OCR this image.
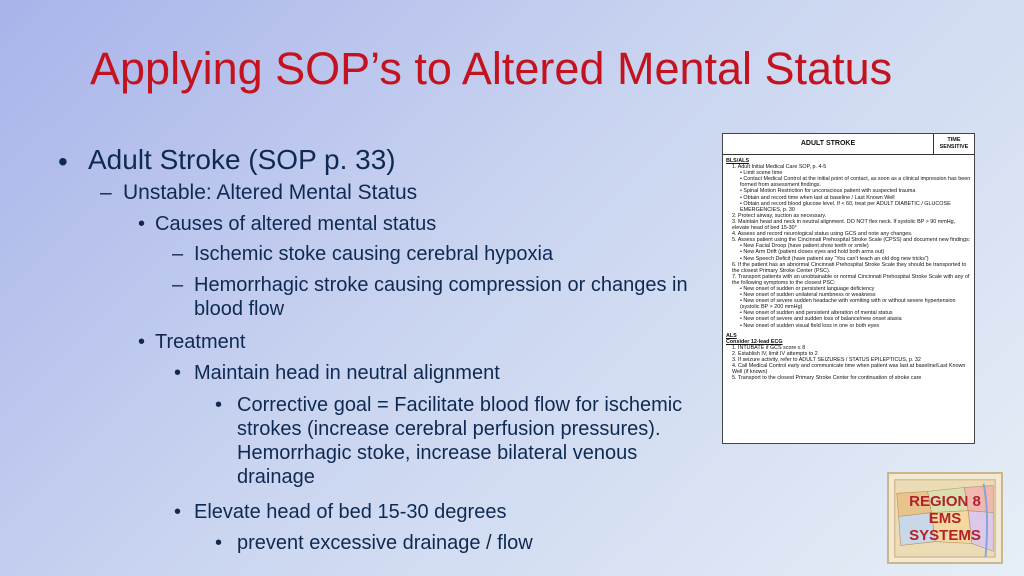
Applying SOP’s to Altered Mental Status
• Adult Stroke (SOP p. 33)
– Unstable: Altered Mental Status
• Causes of altered mental status
– Ischemic stoke causing cerebral hypoxia
– Hemorrhagic stroke causing compression or changes in blood flow
• Treatment
• Maintain head in neutral alignment
• Corrective goal = Facilitate blood flow for ischemic strokes (increase cerebral perfusion pressures). Hemorrhagic stoke, increase bilateral venous drainage
• Elevate head of bed 15-30 degrees
• prevent excessive drainage / flow
ADULT STROKE	TIME SENSITIVE
BLS/ALS
1. Adult Initial Medical Care SOP, p. 4-5
• Limit scene time
• Contact Medical Control at the initial point of contact, as soon as a clinical impression has been formed from assessment findings.
• Spinal Motion Restriction for unconscious patient with suspected trauma
• Obtain and record time when last at baseline / Last Known Well
• Obtain and record blood glucose level. If < 60, treat per ADULT DIABETIC / GLUCOSE EMERGENCIES, p. 30
2. Protect airway, suction as necessary.
3. Maintain head and neck in neutral alignment. DO NOT flex neck. If systolic BP > 90 mmHg, elevate head of bed 15-30°
4. Assess and record neurological status using GCS and note any changes.
5. Assess patient using the Cincinnati Prehospital Stroke Scale (CPSS) and document new findings:
• New Facial Droop (have patient show teeth or smile)
• New Arm Drift (patient closes eyes and hold both arms out)
• New Speech Deficit (have patient say “You can't teach an old dog new tricks”)
6. If the patient has an abnormal Cincinnati Prehospital Stroke Scale they should be transported to the closest Primary Stroke Center (PSC).
7. Transport patients with an unobtainable or normal Cincinnati Prehospital Stroke Scale with any of the following symptoms to the closest PSC:
• New onset of sudden or persistent language deficiency
• New onset of sudden unilateral numbness or weakness
• New onset of severe sudden headache with vomiting with or without severe hypertension (systolic BP > 200 mmHg)
• New onset of sudden and persistent alteration of mental status
• New onset of severe and sudden loss of balance/new onset ataxia
• New onset of sudden visual field loss in one or both eyes
ALS
Consider 12-lead ECG
1. INTUBATE if GCS score ≤ 8
2. Establish IV, limit IV attempts to 2
3. If seizure activity, refer to ADULT SEIZURES / STATUS EPILEPTICUS, p. 32
4. Call Medical Control early and communicate time when patient was last at baseline/Last Known Well (if known)
5. Transport to the closest Primary Stroke Center for continuation of stroke care
REGION 8
EMS
SYSTEMS
